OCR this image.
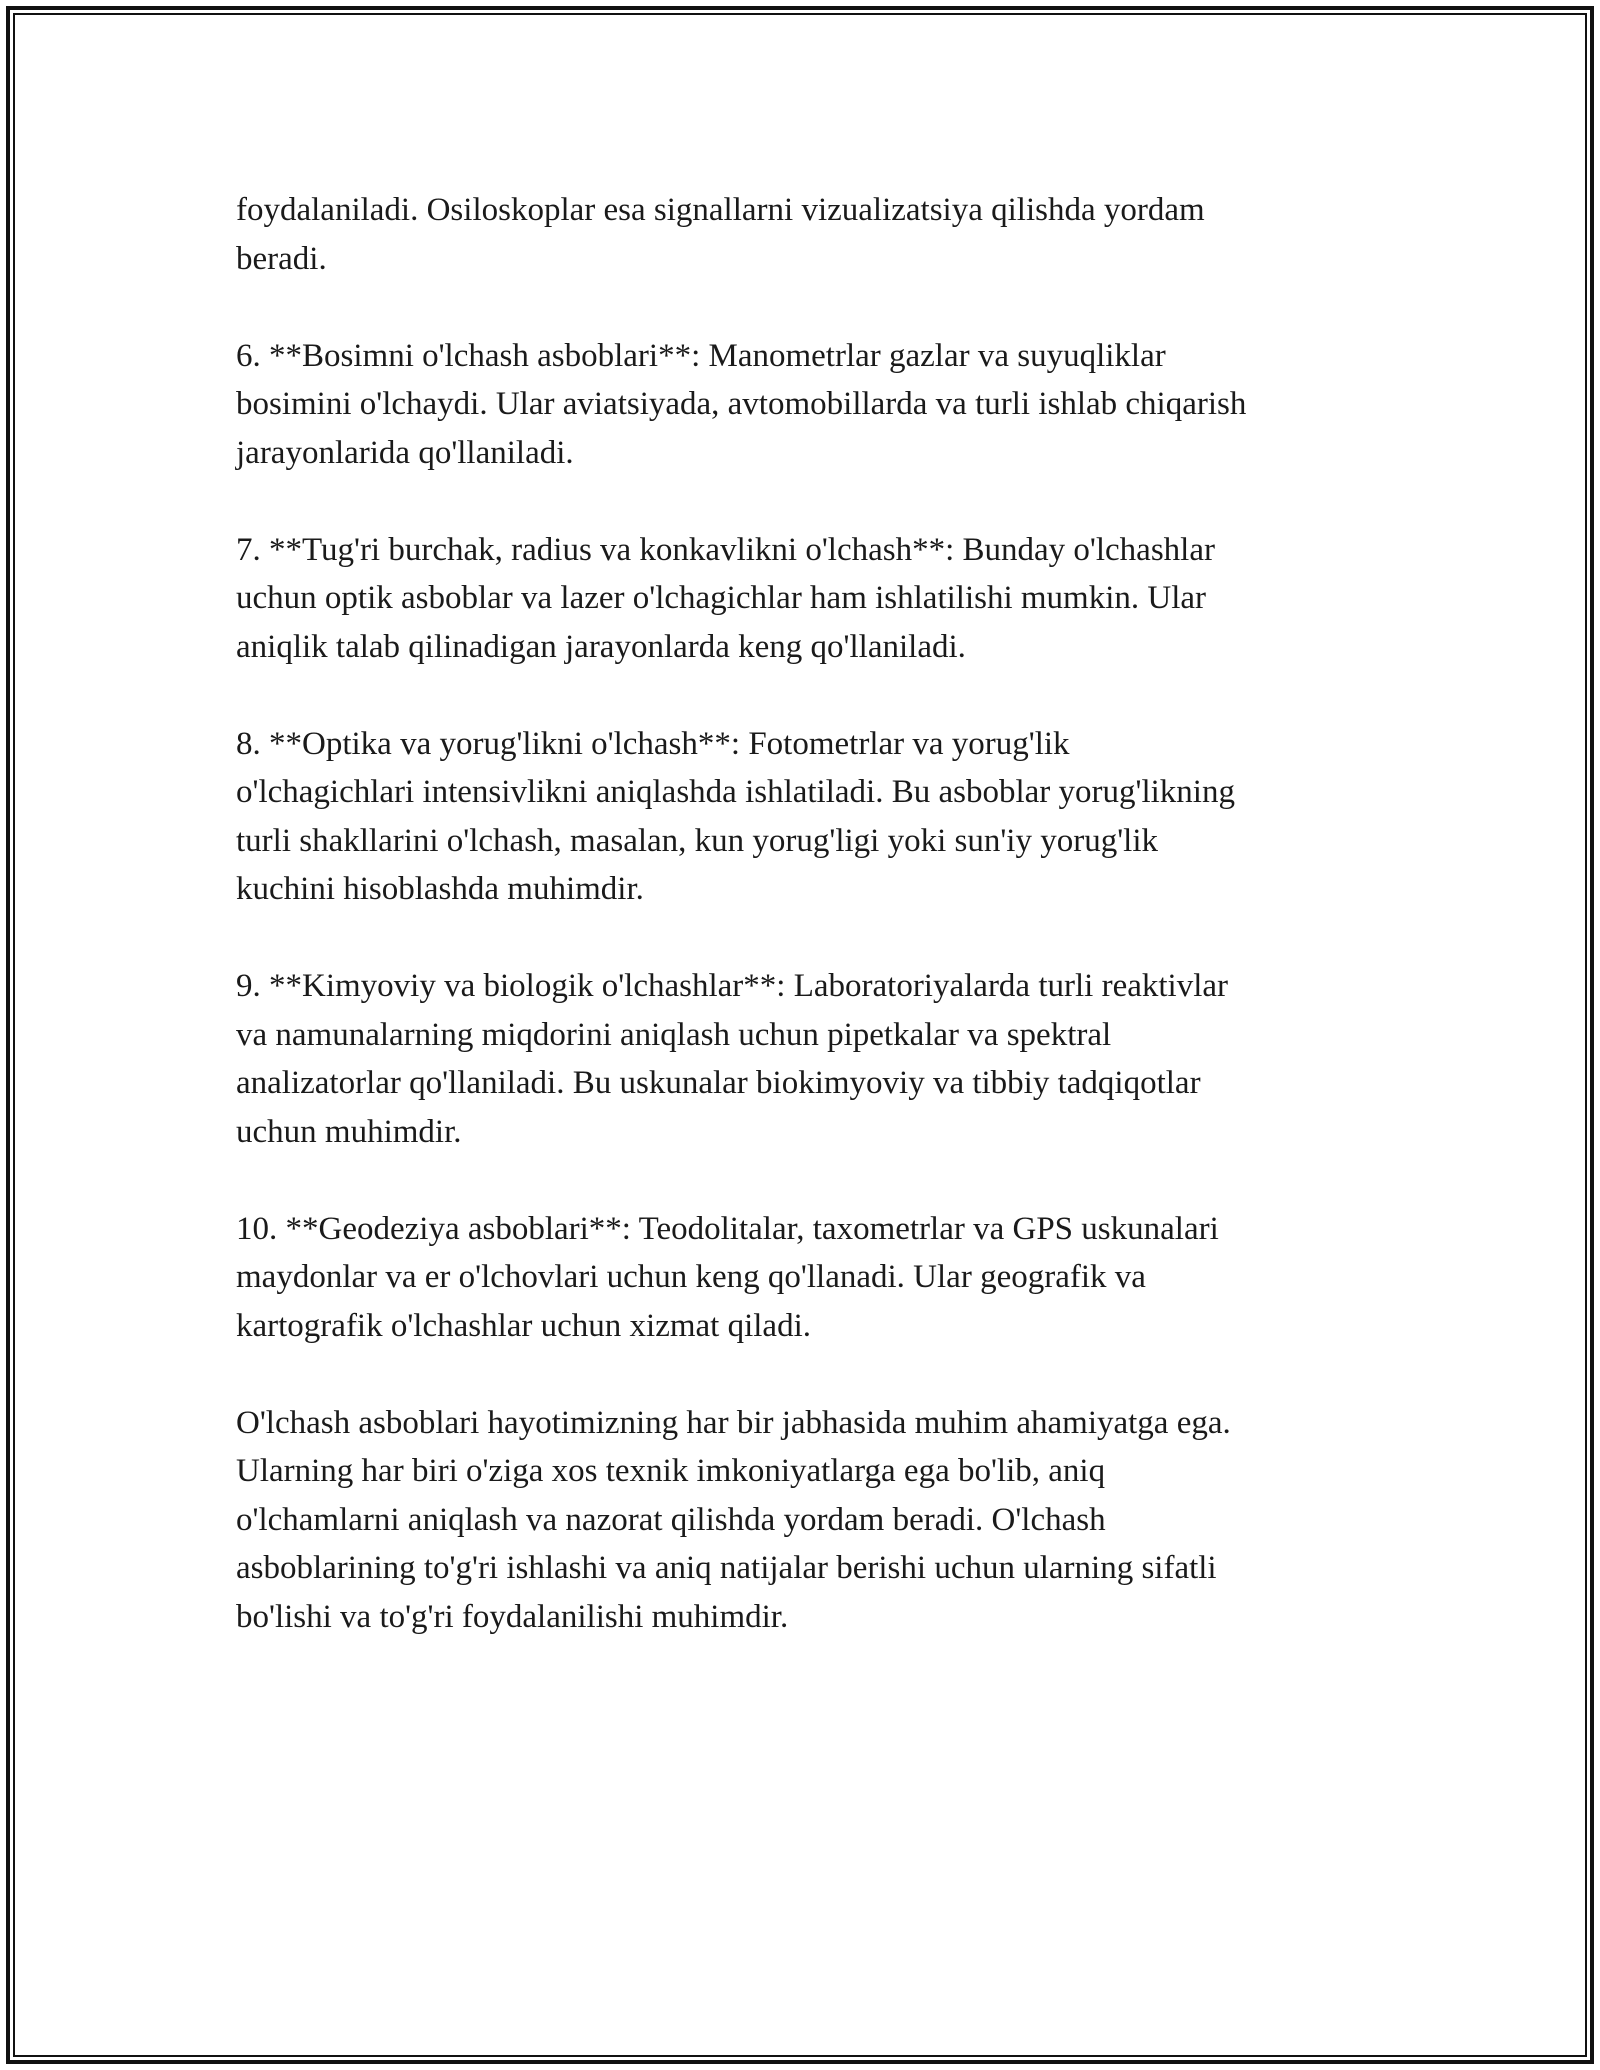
foydalaniladi. Osiloskoplar esa signallarni vizualizatsiya qilishda yordam
beradi.

6. **Bosimni o'lchash asboblari**: Manometrlar gazlar va suyuqliklar
bosimini o'lchaydi. Ular aviatsiyada, avtomobillarda va turli ishlab chiqarish
jarayonlarida qo'llaniladi.

7. **Tug'ri burchak, radius va konkavlikni o'lchash**: Bunday o'lchashlar
uchun optik asboblar va lazer o'lchagichlar ham ishlatilishi mumkin. Ular
aniqlik talab qilinadigan jarayonlarda keng qo'llaniladi.

8. **Optika va yorug'likni o'lchash**: Fotometrlar va yorug'lik
o'lchagichlari intensivlikni aniqlashda ishlatiladi. Bu asboblar yorug'likning
turli shakllarini o'lchash, masalan, kun yorug'ligi yoki sun'iy yorug'lik
kuchini hisoblashda muhimdir.

9. **Kimyoviy va biologik o'lchashlar**: Laboratoriyalarda turli reaktivlar
va namunalarning miqdorini aniqlash uchun pipetkalar va spektral
analizatorlar qo'llaniladi. Bu uskunalar biokimyoviy va tibbiy tadqiqotlar
uchun muhimdir.

10. **Geodeziya asboblari**: Teodolitalar, taxometrlar va GPS uskunalari
maydonlar va er o'lchovlari uchun keng qo'llanadi. Ular geografik va
kartografik o'lchashlar uchun xizmat qiladi.

O'lchash asboblari hayotimizning har bir jabhasida muhim ahamiyatga ega.
Ularning har biri o'ziga xos texnik imkoniyatlarga ega bo'lib, aniq
o'lchamlarni aniqlash va nazorat qilishda yordam beradi. O'lchash
asboblarining to'g'ri ishlashi va aniq natijalar berishi uchun ularning sifatli
bo'lishi va to'g'ri foydalanilishi muhimdir.
